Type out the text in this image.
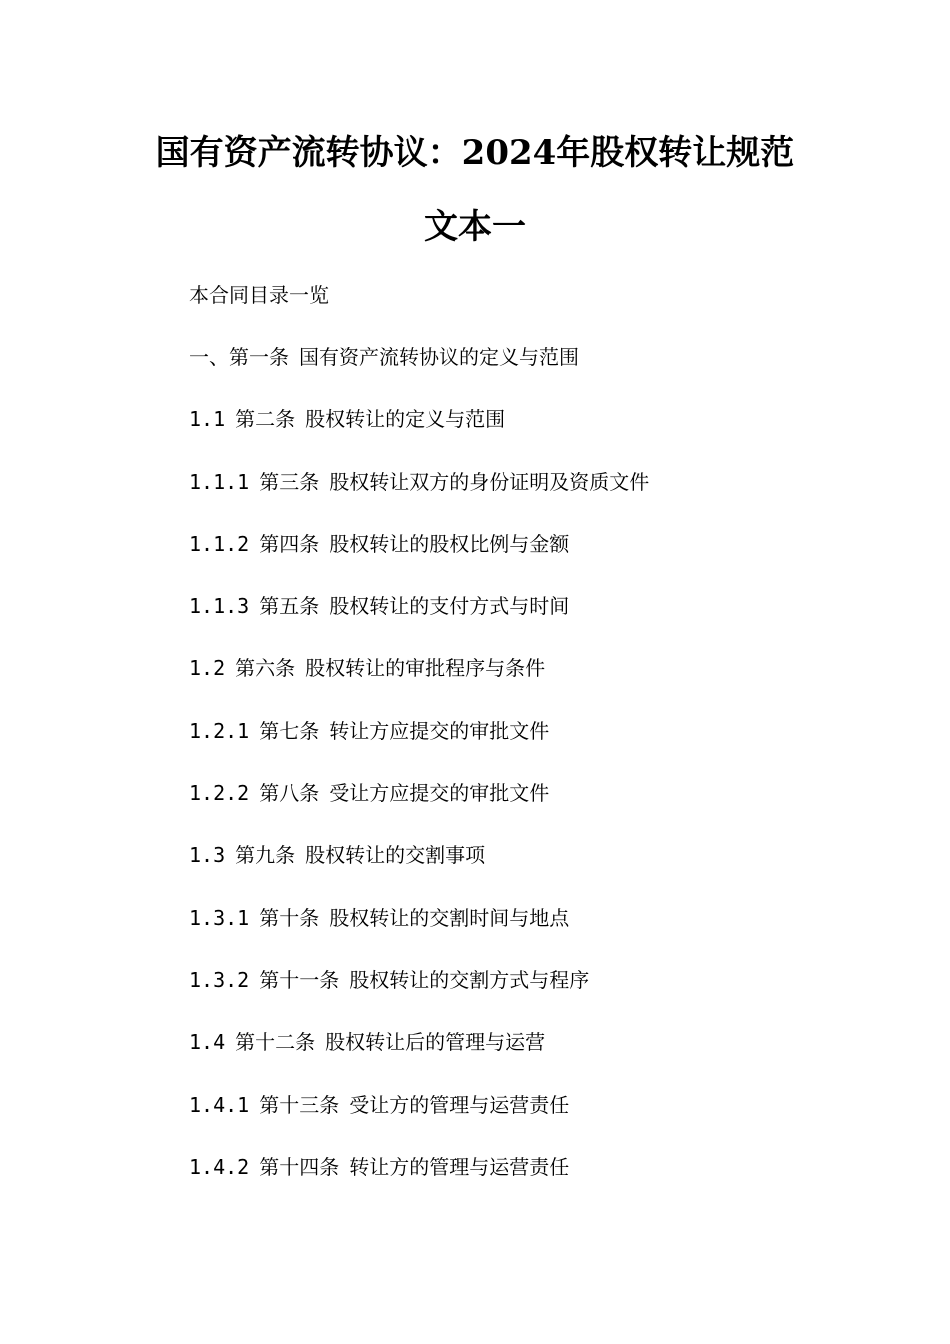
国有资产流转协议：2024年股权转让规范
文本一
本合同目录一览
一、第一条 国有资产流转协议的定义与范围
1.1 第二条 股权转让的定义与范围
1.1.1 第三条 股权转让双方的身份证明及资质文件
1.1.2 第四条 股权转让的股权比例与金额
1.1.3 第五条 股权转让的支付方式与时间
1.2 第六条 股权转让的审批程序与条件
1.2.1 第七条 转让方应提交的审批文件
1.2.2 第八条 受让方应提交的审批文件
1.3 第九条 股权转让的交割事项
1.3.1 第十条 股权转让的交割时间与地点
1.3.2 第十一条 股权转让的交割方式与程序
1.4 第十二条 股权转让后的管理与运营
1.4.1 第十三条 受让方的管理与运营责任
1.4.2 第十四条 转让方的管理与运营责任
